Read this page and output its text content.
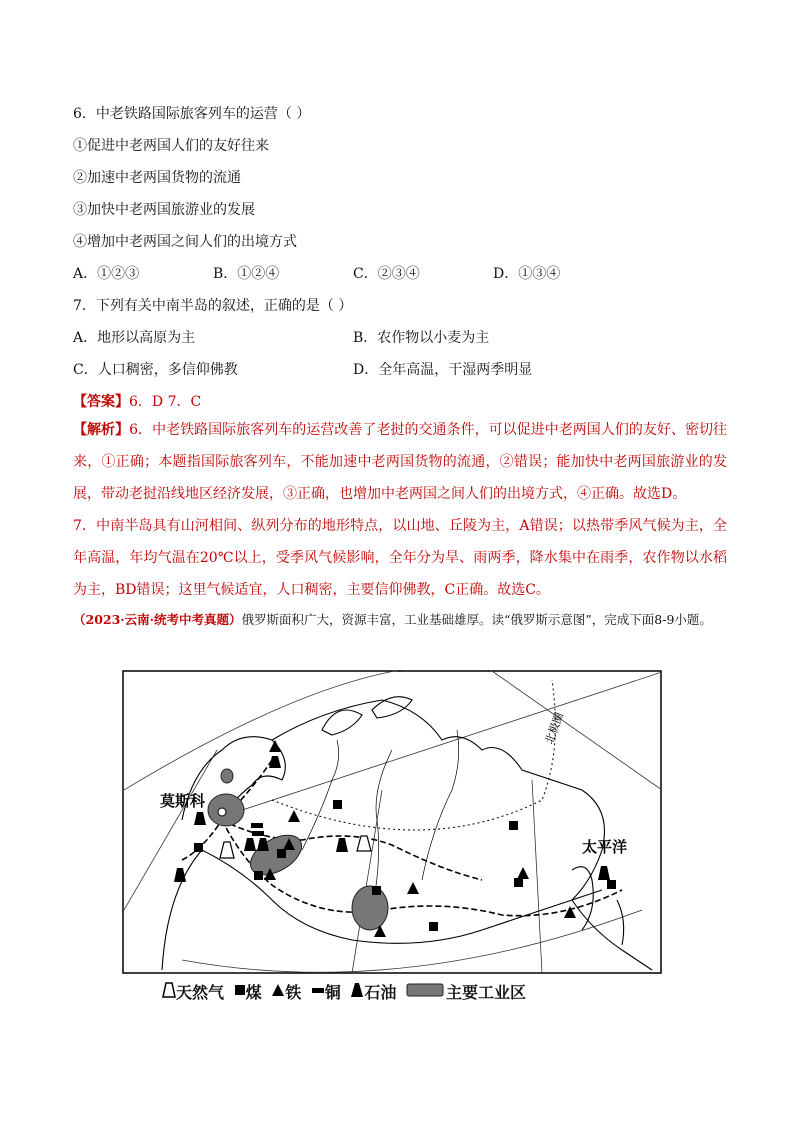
6．中老铁路国际旅客列车的运营（ ）
①促进中老两国人们的友好往来
②加速中老两国货物的流通
③加快中老两国旅游业的发展
④增加中老两国之间人们的出境方式
A．①②③	B．①②④	C．②③④	D．①③④
7．下列有关中南半岛的叙述，正确的是（ ）
A．地形以高原为主	B．农作物以小麦为主
C．人口稠密，多信仰佛教	D．全年高温，干湿两季明显
【答案】6．D 7．C
【解析】6．中老铁路国际旅客列车的运营改善了老挝的交通条件，可以促进中老两国人们的友好、密切往来，①正确；本题指国际旅客列车，不能加速中老两国货物的流通，②错误；能加快中老两国旅游业的发展，带动老挝沿线地区经济发展，③正确，也增加中老两国之间人们的出境方式，④正确。故选D。
7．中南半岛具有山河相间、纵列分布的地形特点，以山地、丘陵为主，A错误；以热带季风气候为主，全年高温，年均气温在20℃以上，受季风气候影响，全年分为旱、雨两季，降水集中在雨季，农作物以水稻为主，BD错误；这里气候适宜，人口稠密，主要信仰佛教，C正确。故选C。
（2023·云南·统考中考真题）俄罗斯面积广大，资源丰富，工业基础雄厚。读“俄罗斯示意图”，完成下面8-9小题。
北极圈
莫斯科
太平洋
天然气 煤 铁 铜 石油	主要工业区
